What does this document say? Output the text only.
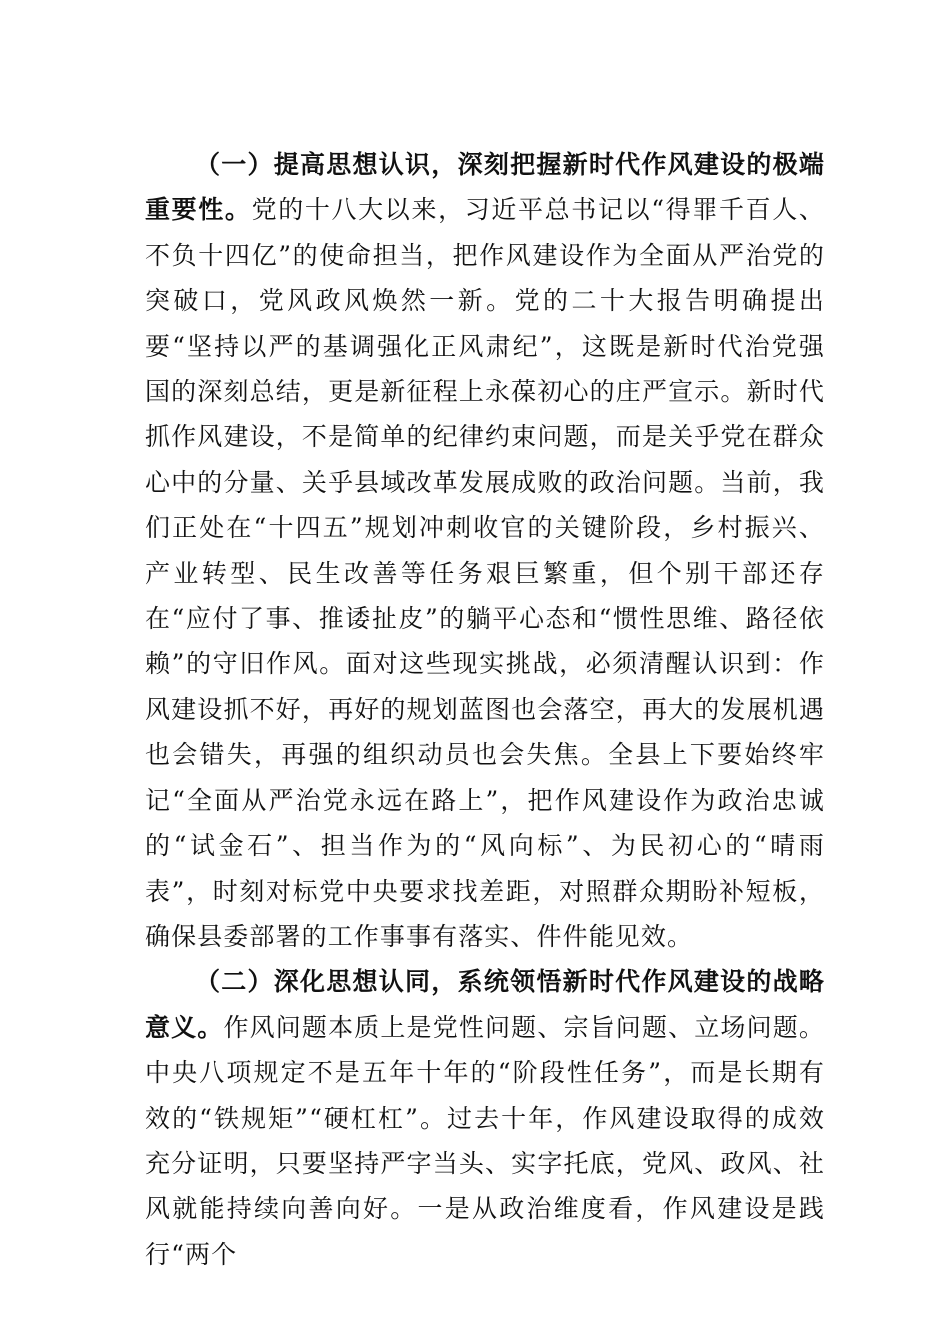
（一）提高思想认识，深刻把握新时代作风建设的极端重要性。党的十八大以来，习近平总书记以“得罪千百人、不负十四亿”的使命担当，把作风建设作为全面从严治党的突破口，党风政风焕然一新。党的二十大报告明确提出要“坚持以严的基调强化正风肃纪”，这既是新时代治党强国的深刻总结，更是新征程上永葆初心的庄严宣示。新时代抓作风建设，不是简单的纪律约束问题，而是关乎党在群众心中的分量、关乎县域改革发展成败的政治问题。当前，我们正处在“十四五”规划冲刺收官的关键阶段，乡村振兴、产业转型、民生改善等任务艰巨繁重，但个别干部还存在“应付了事、推诿扯皮”的躺平心态和“惯性思维、路径依赖”的守旧作风。面对这些现实挑战，必须清醒认识到：作风建设抓不好，再好的规划蓝图也会落空，再大的发展机遇也会错失，再强的组织动员也会失焦。全县上下要始终牢记“全面从严治党永远在路上”，把作风建设作为政治忠诚的“试金石”、担当作为的“风向标”、为民初心的“晴雨表”，时刻对标党中央要求找差距，对照群众期盼补短板，确保县委部署的工作事事有落实、件件能见效。

（二）深化思想认同，系统领悟新时代作风建设的战略意义。作风问题本质上是党性问题、宗旨问题、立场问题。中央八项规定不是五年十年的“阶段性任务”，而是长期有效的“铁规矩”“硬杠杠”。过去十年，作风建设取得的成效充分证明，只要坚持严字当头、实字托底，党风、政风、社风就能持续向善向好。一是从政治维度看，作风建设是践行“两个
